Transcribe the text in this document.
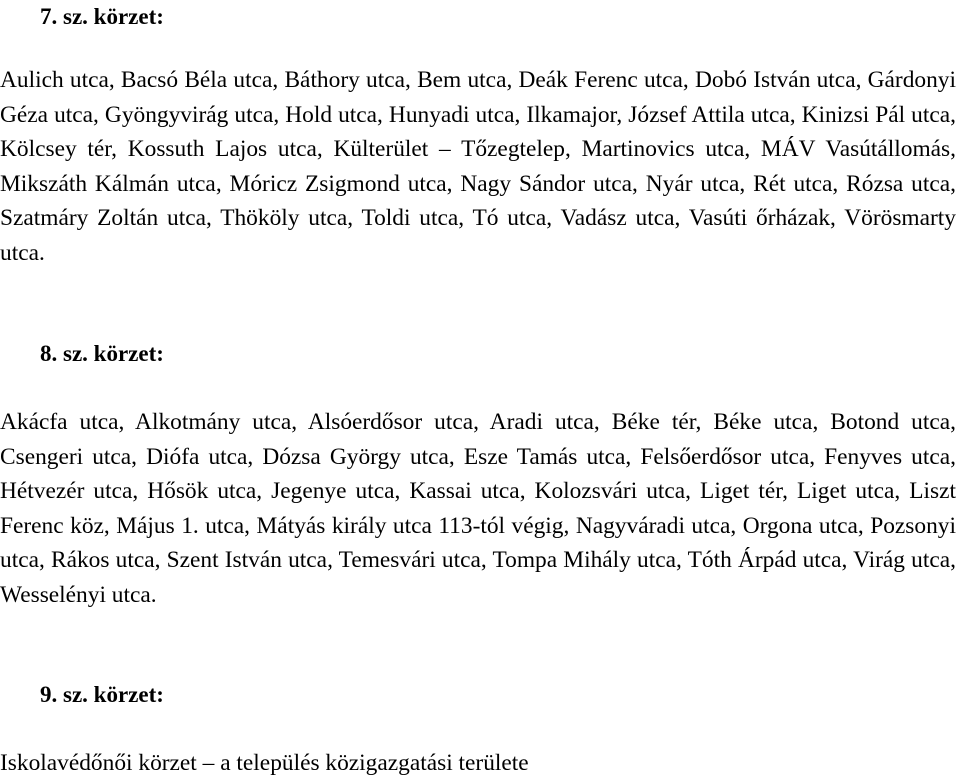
7. sz. körzet:
Aulich utca, Bacsó Béla utca, Báthory utca, Bem utca, Deák Ferenc utca, Dobó István utca, Gárdonyi Géza utca, Gyöngyvirág utca, Hold utca, Hunyadi utca, Ilkamajor, József Attila utca, Kinizsi Pál utca, Kölcsey tér, Kossuth Lajos utca, Külterület – Tőzegtelep, Martinovics utca, MÁV Vasútállomás, Mikszáth Kálmán utca, Móricz Zsigmond utca, Nagy Sándor utca, Nyár utca, Rét utca, Rózsa utca, Szatmáry Zoltán utca, Thököly utca, Toldi utca, Tó utca, Vadász utca, Vasúti őrházak, Vörösmarty utca.
8. sz. körzet:
Akácfa utca, Alkotmány utca, Alsóerdősor utca, Aradi utca, Béke tér, Béke utca, Botond utca, Csengeri utca, Diófa utca, Dózsa György utca, Esze Tamás utca, Felsőerdősor utca, Fenyves utca, Hétvezér utca, Hősök utca, Jegenye utca, Kassai utca, Kolozsvári utca, Liget tér, Liget utca, Liszt Ferenc köz, Május 1. utca, Mátyás király utca 113-tól végig, Nagyváradi utca, Orgona utca, Pozsonyi utca, Rákos utca, Szent István utca, Temesvári utca, Tompa Mihály utca, Tóth Árpád utca, Virág utca, Wesselényi utca.
9. sz. körzet:
Iskolavédőnői körzet – a település közigazgatási területe
